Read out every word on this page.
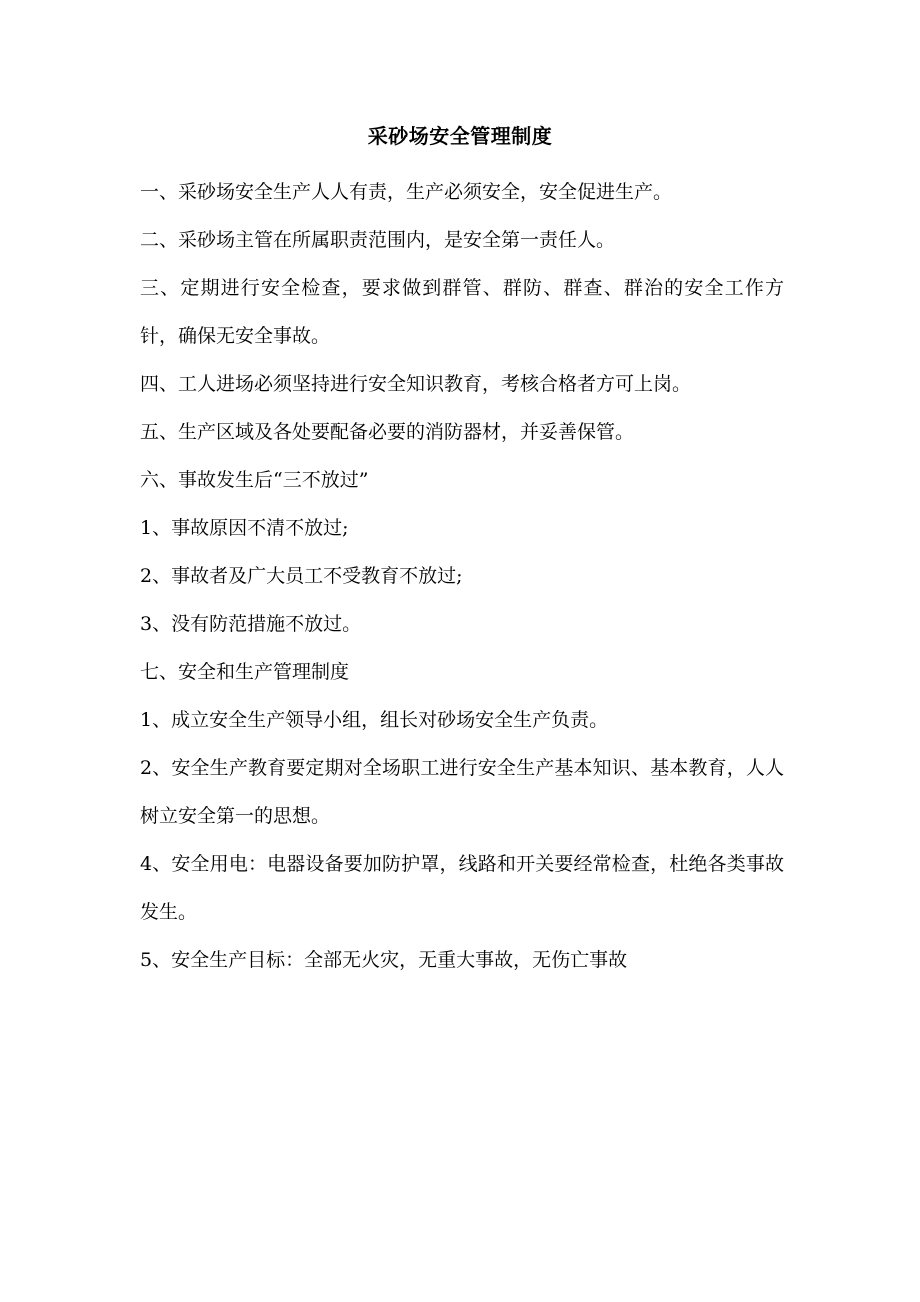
采砂场安全管理制度

一、采砂场安全生产人人有责，生产必须安全，安全促进生产。

二、采砂场主管在所属职责范围内，是安全第一责任人。

三、定期进行安全检查，要求做到群管、群防、群查、群治的安全工作方针，确保无安全事故。

四、工人进场必须坚持进行安全知识教育，考核合格者方可上岗。

五、生产区域及各处要配备必要的消防器材，并妥善保管。

六、事故发生后“三不放过”

1、事故原因不清不放过;

2、事故者及广大员工不受教育不放过;

3、没有防范措施不放过。

七、安全和生产管理制度

1、成立安全生产领导小组，组长对砂场安全生产负责。

2、安全生产教育要定期对全场职工进行安全生产基本知识、基本教育，人人树立安全第一的思想。

4、安全用电：电器设备要加防护罩，线路和开关要经常检查，杜绝各类事故发生。

5、安全生产目标：全部无火灾，无重大事故，无伤亡事故
